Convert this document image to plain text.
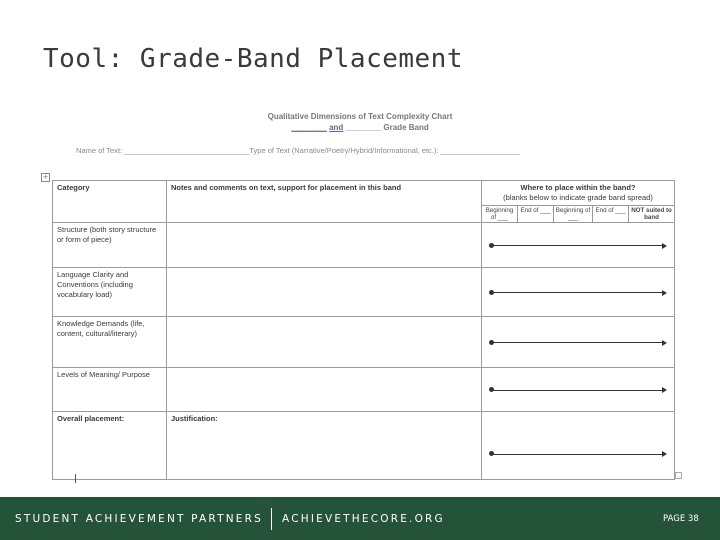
Tool: Grade-Band Placement
Qualitative Dimensions of Text Complexity Chart
________ and ________ Grade Band
Name of Text: ______________________________Type of Text (Narrative/Poetry/Hybrid/Informational, etc.): ___________________
+
Category	Notes and comments on text, support for placement in this band	Where to place within the band?
(blanks below to indicate grade band spread)				

		Beginning of ___	End of ___	Beginning of ___	End of ___	NOT suited to band
Structure (both story structure or form of piece)						

Language Clarity and Conventions (including vocabulary load)						

Knowledge Demands (life, content, cultural/literary)						

Levels of Meaning/ Purpose						

Overall placement:	Justification:					
STUDENT ACHIEVEMENT PARTNERS ACHIEVETHECORE.ORG	PAGE 38
